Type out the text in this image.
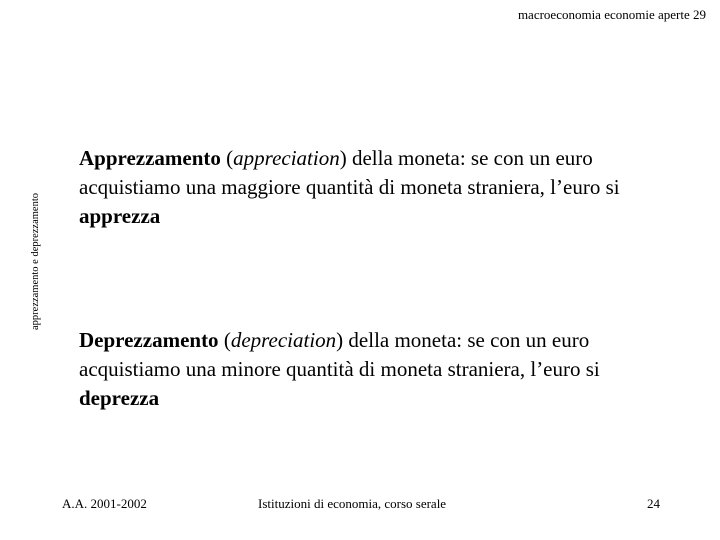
macroeconomia economie aperte 29
apprezzamento e deprezzamento
Apprezzamento (appreciation) della moneta: se con un euro acquistiamo una maggiore quantità di moneta straniera, l’euro si apprezza
Deprezzamento (depreciation) della moneta: se con un euro acquistiamo una minore quantità di moneta straniera, l’euro si deprezza
A.A. 2001-2002	Istituzioni di economia, corso serale	24
